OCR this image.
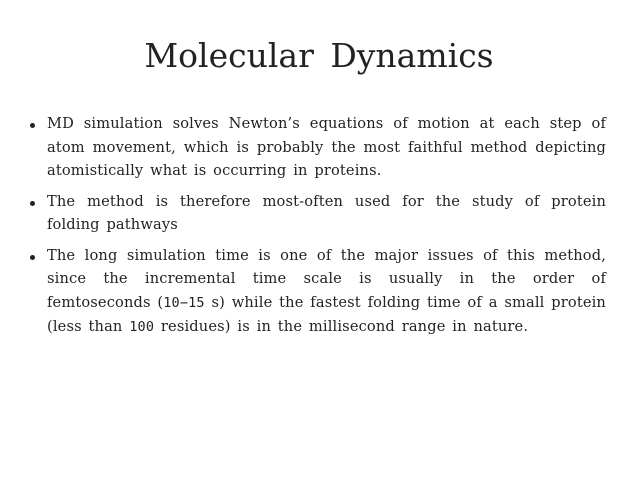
Molecular Dynamics
MD simulation solves Newton’s equations of motion at each step of atom movement, which is probably the most faithful method depicting atomistically what is occurring in proteins.
The method is therefore most-often used for the study of protein folding pathways
The long simulation time is one of the major issues of this method, since the incremental time scale is usually in the order of femtoseconds (10−15 s) while the fastest folding time of a small protein (less than 100 residues) is in the millisecond range in nature.
